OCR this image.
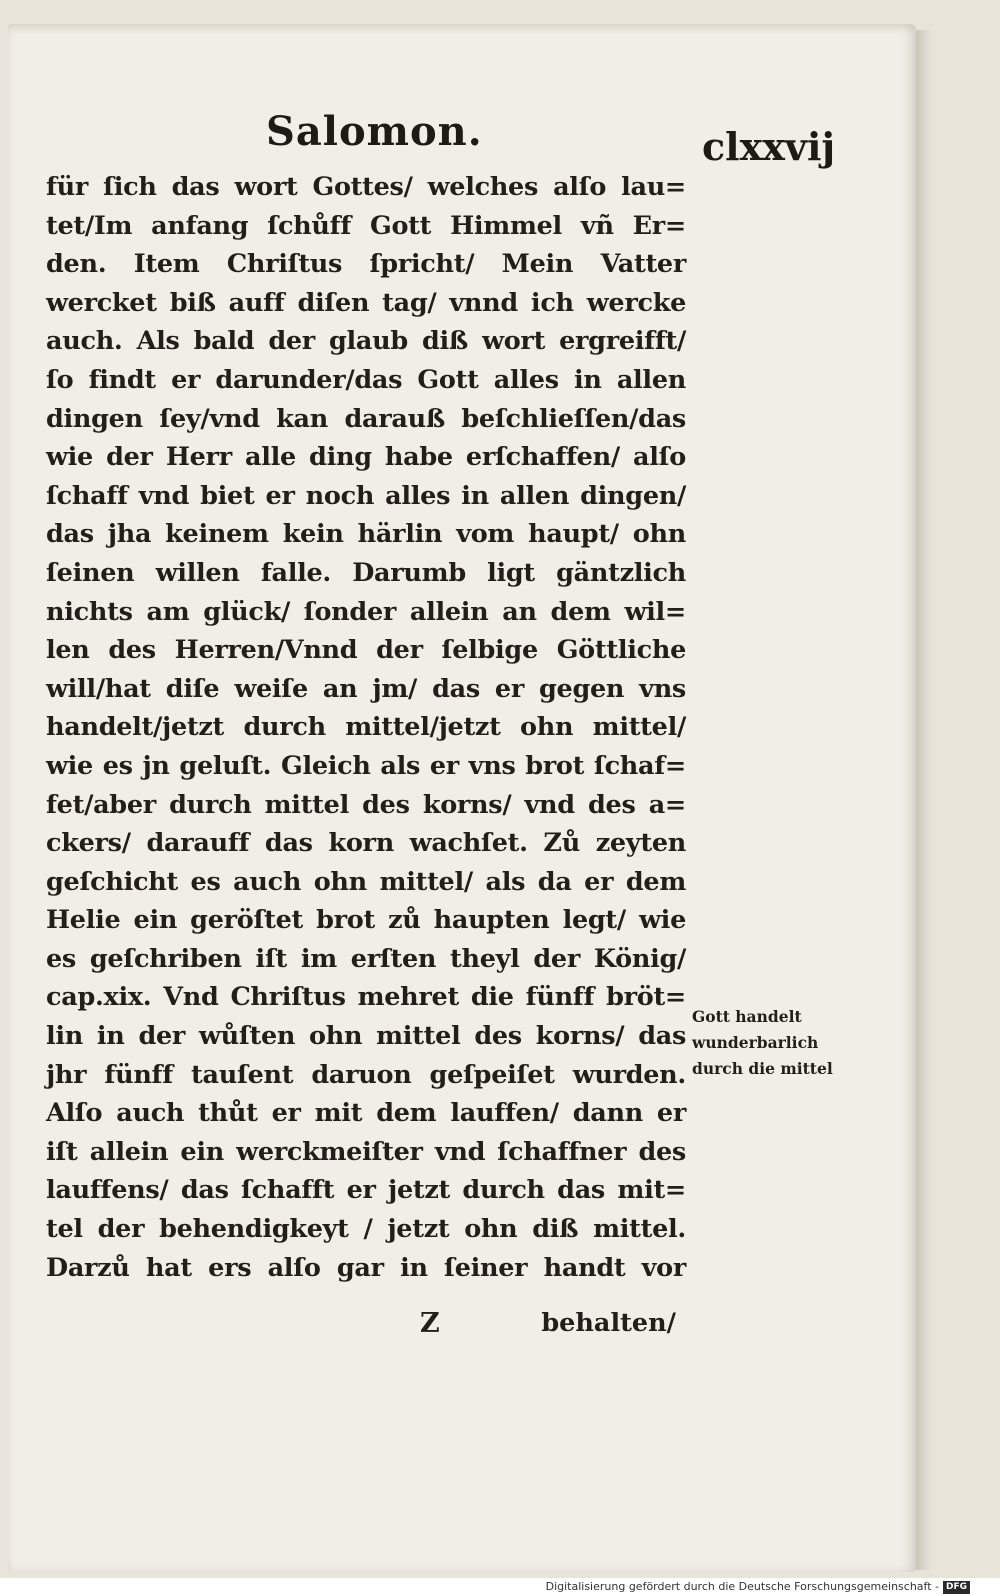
Salomon.	clxxvij
für ſich das wort Gottes/ welches alſo lau=
tet/Im anfang ſchůff Gott Himmel vñ Er=
den. Item Chriſtus ſpricht/ Mein Vatter
wercket biß auff diſen tag/ vnnd ich wercke
auch. Als bald der glaub diß wort ergreifft/
ſo findt er darunder/das Gott alles in allen
dingen ſey/vnd kan darauß beſchlieſſen/das
wie der Herr alle ding habe erſchaffen/ alſo
ſchaff vnd biet er noch alles in allen dingen/
das jha keinem kein härlin vom haupt/ ohn
ſeinen willen falle. Darumb ligt gäntzlich
nichts am glück/ ſonder allein an dem wil=
len des Herren/Vnnd der ſelbige Göttliche
will/hat diſe weiſe an jm/ das er gegen vns
handelt/jetzt durch mittel/jetzt ohn mittel/
wie es jn geluſt. Gleich als er vns brot ſchaf=
fet/aber durch mittel des korns/ vnd des a=
ckers/ darauff das korn wachſet. Zů zeyten
geſchicht es auch ohn mittel/ als da er dem
Helie ein geröſtet brot zů haupten legt/ wie
es geſchriben iſt im erſten theyl der König/
cap.xix. Vnd Chriſtus mehret die fünff bröt=
lin in der wůſten ohn mittel des korns/ das
jhr fünff tauſent daruon geſpeiſet wurden.
Alſo auch thůt er mit dem lauffen/ dann er
iſt allein ein werckmeiſter vnd ſchaffner des
lauffens/ das ſchafft er jetzt durch das mit=
tel der behendigkeyt / jetzt ohn diß mittel.
Darzů hat ers alſo gar in ſeiner handt vor
Z	behalten/
Gott handelt
wunderbarlich
durch die mittel
Digitalisierung gefördert durch die Deutsche Forschungsgemeinschaft - DFG
